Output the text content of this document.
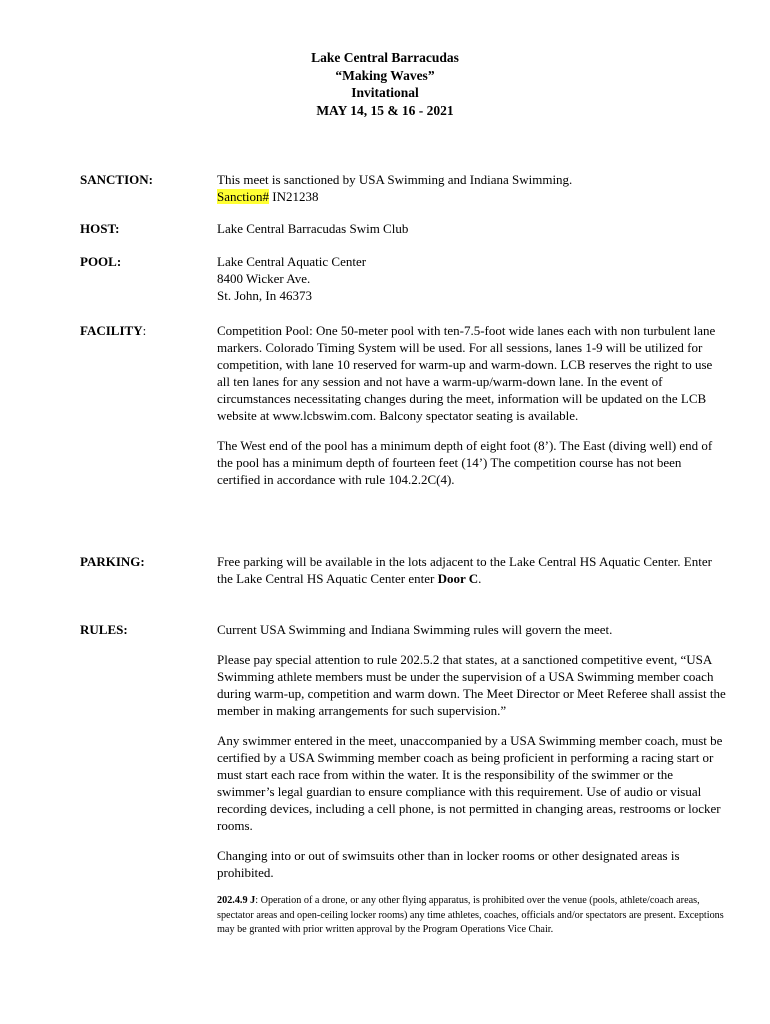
Lake Central Barracudas
“Making Waves”
Invitational
MAY 14, 15 & 16 - 2021
SANCTION:	This meet is sanctioned by USA Swimming and Indiana Swimming.
Sanction# IN21238
HOST:	Lake Central Barracudas Swim Club
POOL:	Lake Central Aquatic Center
8400 Wicker Ave.
St. John, In 46373
FACILITY:	Competition Pool: One 50-meter pool with ten-7.5-foot wide lanes each with non turbulent lane markers. Colorado Timing System will be used. For all sessions, lanes 1-9 will be utilized for competition, with lane 10 reserved for warm-up and warm-down. LCB reserves the right to use all ten lanes for any session and not have a warm-up/warm-down lane. In the event of circumstances necessitating changes during the meet, information will be updated on the LCB website at www.lcbswim.com. Balcony spectator seating is available.

The West end of the pool has a minimum depth of eight foot (8’). The East (diving well) end of the pool has a minimum depth of fourteen feet (14’) The competition course has not been certified in accordance with rule 104.2.2C(4).

PARKING:	Free parking will be available in the lots adjacent to the Lake Central HS Aquatic Center. Enter the Lake Central HS Aquatic Center enter Door C.
RULES:	Current USA Swimming and Indiana Swimming rules will govern the meet.

Please pay special attention to rule 202.5.2 that states, at a sanctioned competitive event, “USA Swimming athlete members must be under the supervision of a USA Swimming member coach during warm-up, competition and warm down. The Meet Director or Meet Referee shall assist the member in making arrangements for such supervision.”

Any swimmer entered in the meet, unaccompanied by a USA Swimming member coach, must be certified by a USA Swimming member coach as being proficient in performing a racing start or must start each race from within the water. It is the responsibility of the swimmer or the swimmer’s legal guardian to ensure compliance with this requirement. Use of audio or visual recording devices, including a cell phone, is not permitted in changing areas, restrooms or locker rooms.

Changing into or out of swimsuits other than in locker rooms or other designated areas is prohibited.

202.4.9 J: Operation of a drone, or any other flying apparatus, is prohibited over the venue (pools, athlete/coach areas, spectator areas and open-ceiling locker rooms) any time athletes, coaches, officials and/or spectators are present. Exceptions may be granted with prior written approval by the Program Operations Vice Chair.
